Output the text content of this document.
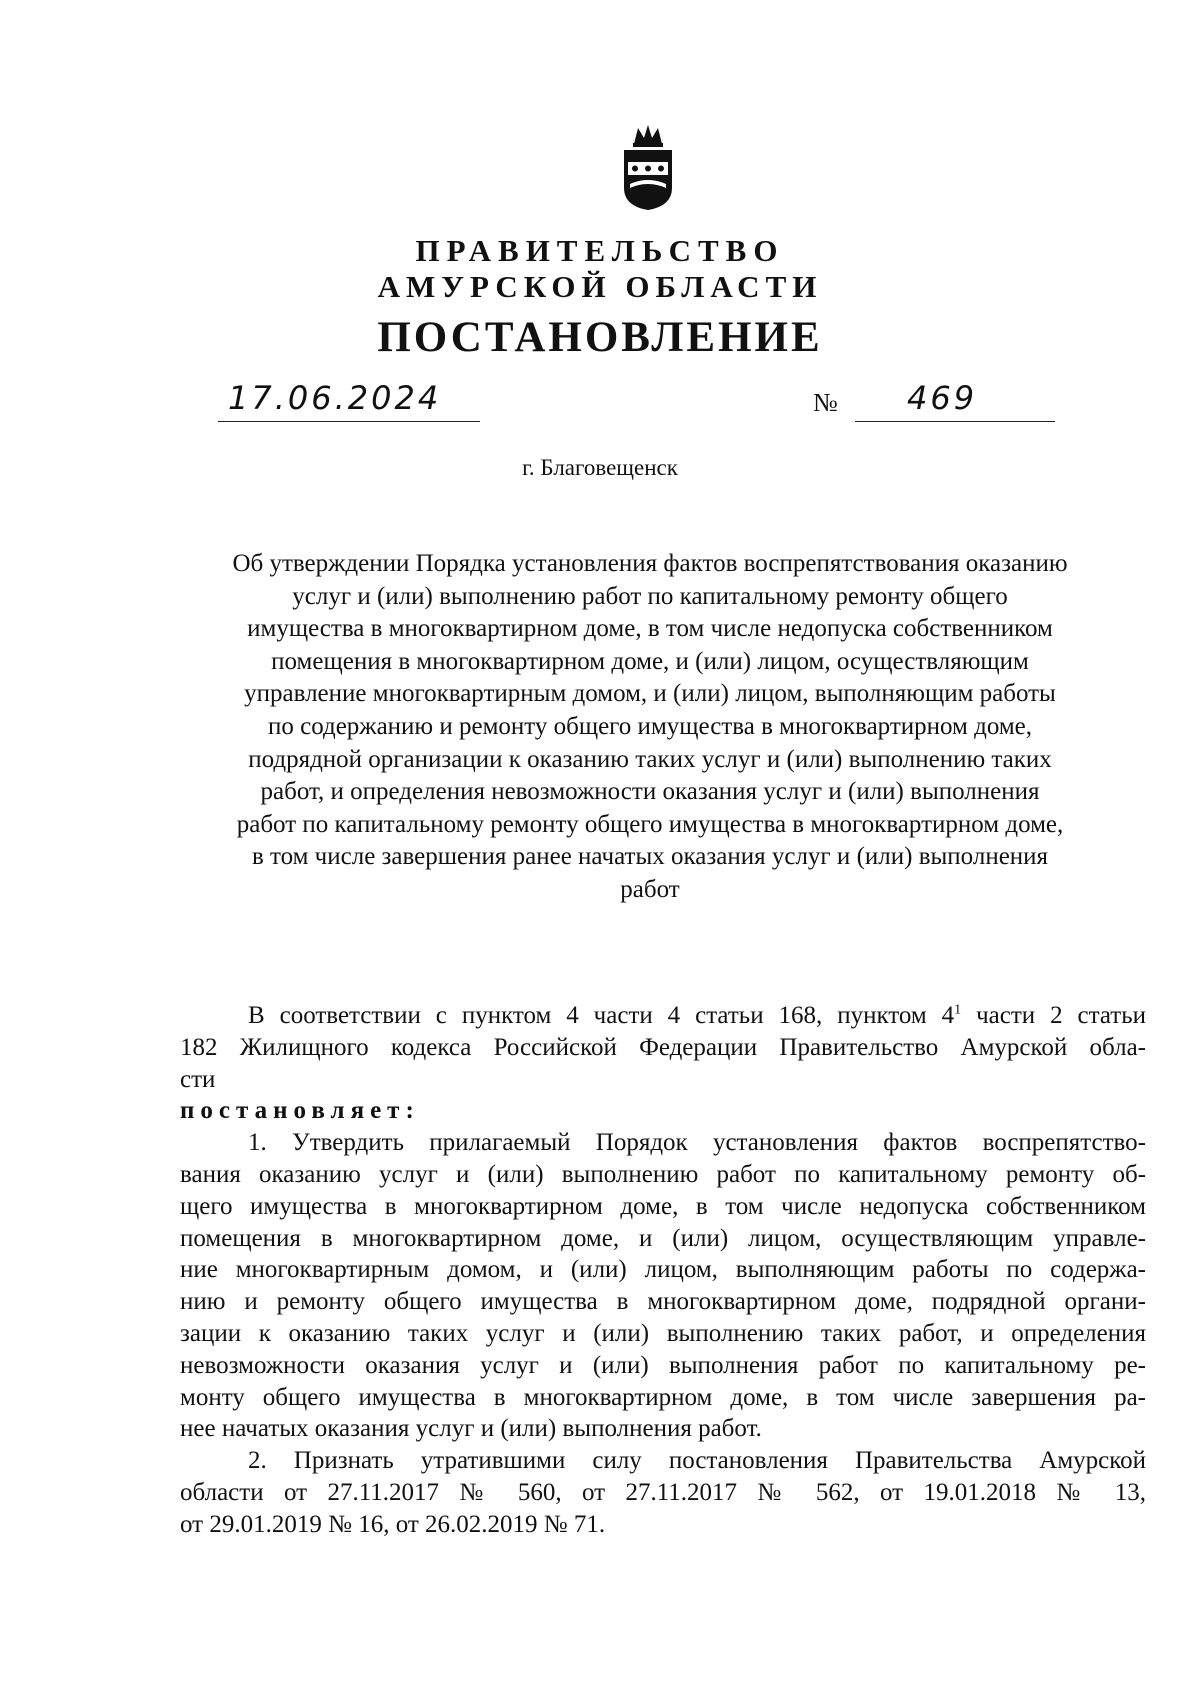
ПРАВИТЕЛЬСТВО
АМУРСКОЙ ОБЛАСТИ
ПОСТАНОВЛЕНИЕ
17.06.2024	№ 469
г. Благовещенск
Об утверждении Порядка установления фактов воспрепятствования оказанию
услуг и (или) выполнению работ по капитальному ремонту общего
имущества в многоквартирном доме, в том числе недопуска собственником
помещения в многоквартирном доме, и (или) лицом, осуществляющим
управление многоквартирным домом, и (или) лицом, выполняющим работы
по содержанию и ремонту общего имущества в многоквартирном доме,
подрядной организации к оказанию таких услуг и (или) выполнению таких
работ, и определения невозможности оказания услуг и (или) выполнения
работ по капитальному ремонту общего имущества в многоквартирном доме,
в том числе завершения ранее начатых оказания услуг и (или) выполнения
работ
В соответствии с пунктом 4 части 4 статьи 168, пунктом $4^1$ части 2 статьи
182 Жилищного кодекса Российской Федерации Правительство Амурской обла-
сти
постановляет:
1. Утвердить прилагаемый Порядок установления фактов воспрепятство-
вания оказанию услуг и (или) выполнению работ по капитальному ремонту об-
щего имущества в многоквартирном доме, в том числе недопуска собственником
помещения в многоквартирном доме, и (или) лицом, осуществляющим управле-
ние многоквартирным домом, и (или) лицом, выполняющим работы по содержа-
нию и ремонту общего имущества в многоквартирном доме, подрядной органи-
зации к оказанию таких услуг и (или) выполнению таких работ, и определения
невозможности оказания услуг и (или) выполнения работ по капитальному ре-
монту общего имущества в многоквартирном доме, в том числе завершения ра-
нее начатых оказания услуг и (или) выполнения работ.
2. Признать утратившими силу постановления Правительства Амурской
области от 27.11.2017 № 560, от 27.11.2017 № 562, от 19.01.2018 № 13,
от 29.01.2019 № 16, от 26.02.2019 № 71.
